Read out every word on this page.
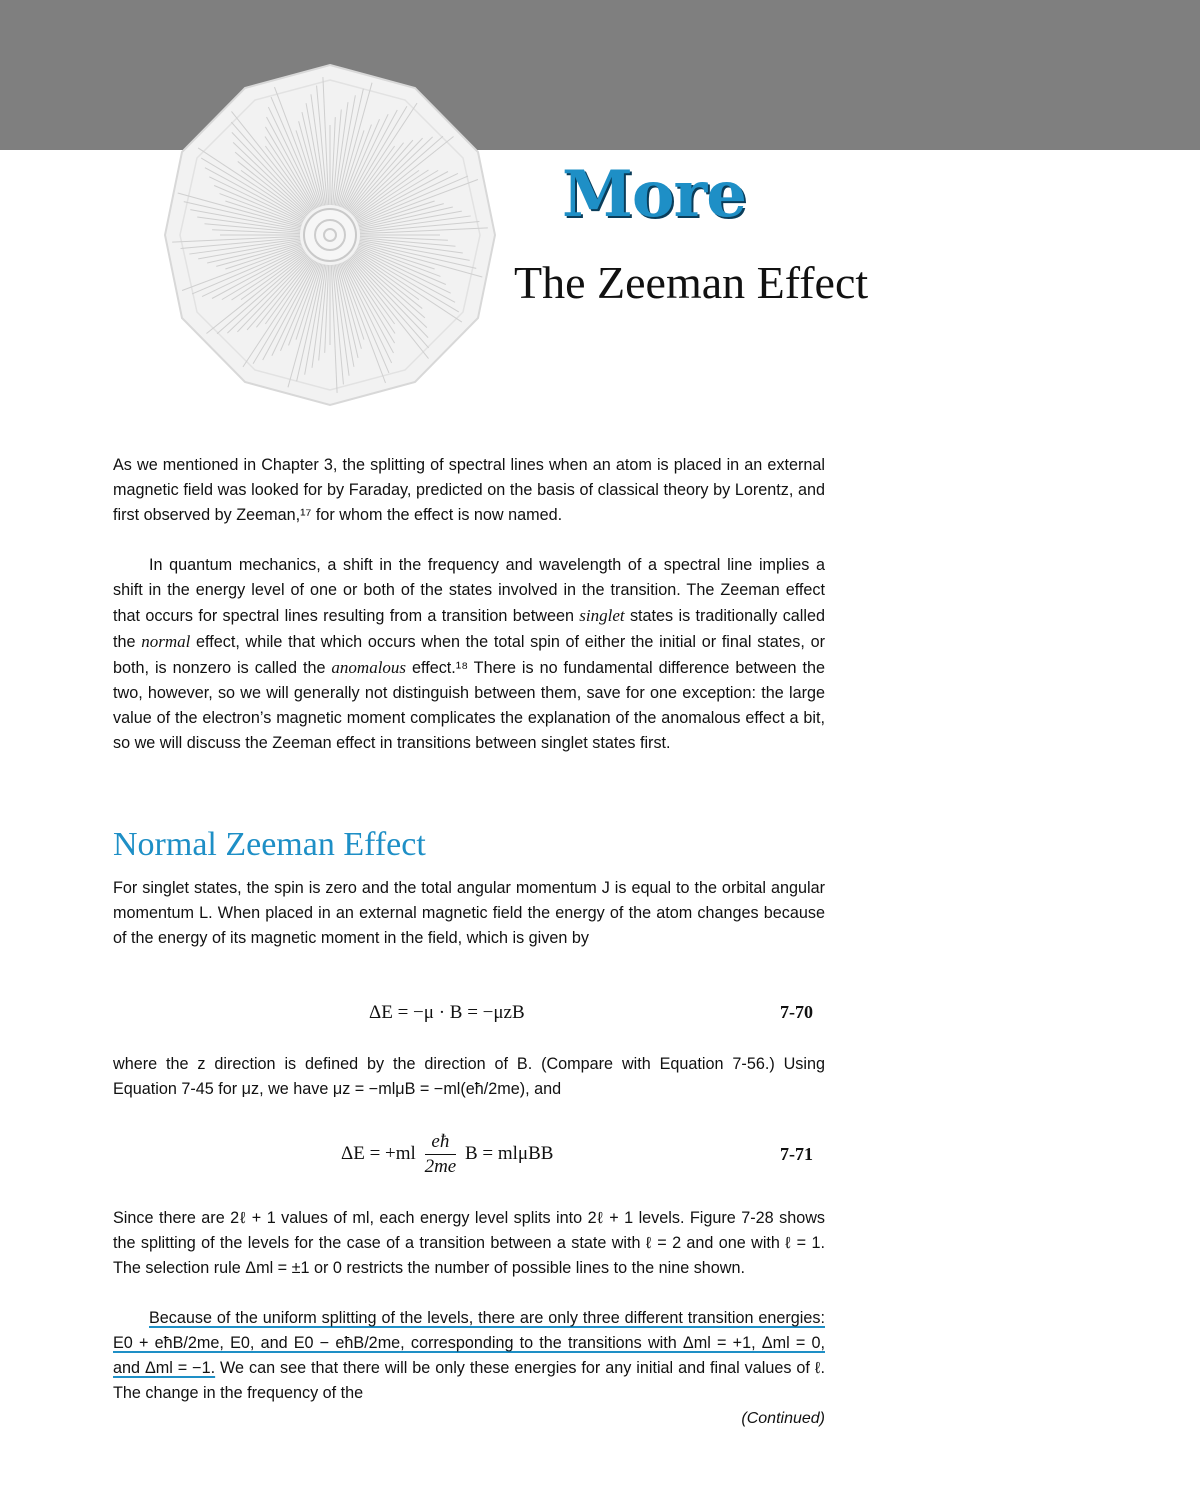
More
The Zeeman Effect

As we mentioned in Chapter 3, the splitting of spectral lines when an atom is placed in an external magnetic field was looked for by Faraday, predicted on the basis of classical theory by Lorentz, and first observed by Zeeman,¹⁷ for whom the effect is now named.

In quantum mechanics, a shift in the frequency and wavelength of a spectral line implies a shift in the energy level of one or both of the states involved in the transition. The Zeeman effect that occurs for spectral lines resulting from a transition between singlet states is traditionally called the normal effect, while that which occurs when the total spin of either the initial or final states, or both, is nonzero is called the anomalous effect.¹⁸ There is no fundamental difference between the two, however, so we will generally not distinguish between them, save for one exception: the large value of the electron’s magnetic moment complicates the explanation of the anomalous effect a bit, so we will discuss the Zeeman effect in transitions between singlet states first.

Normal Zeeman Effect

For singlet states, the spin is zero and the total angular momentum J is equal to the orbital angular momentum L. When placed in an external magnetic field the energy of the atom changes because of the energy of its magnetic moment in the field, which is given by

ΔE = −μ · B = −μzB	7-70

where the z direction is defined by the direction of B. (Compare with Equation 7-56.) Using Equation 7-45 for μz, we have μz = −mlμB = −ml(eħ/2me), and

$\Delta E = +ml \frac{eħ}{2me}$ B = mlμBB	7-71

Since there are 2ℓ + 1 values of ml, each energy level splits into 2ℓ + 1 levels. Figure 7-28 shows the splitting of the levels for the case of a transition between a state with ℓ = 2 and one with ℓ = 1. The selection rule Δml = ±1 or 0 restricts the number of possible lines to the nine shown.

Because of the uniform splitting of the levels, there are only three different transition energies: E0 + eħB/2me, E0, and E0 − eħB/2me, corresponding to the transitions with Δml = +1, Δml = 0, and Δml = −1. We can see that there will be only these energies for any initial and final values of ℓ. The change in the frequency of the

(Continued)
